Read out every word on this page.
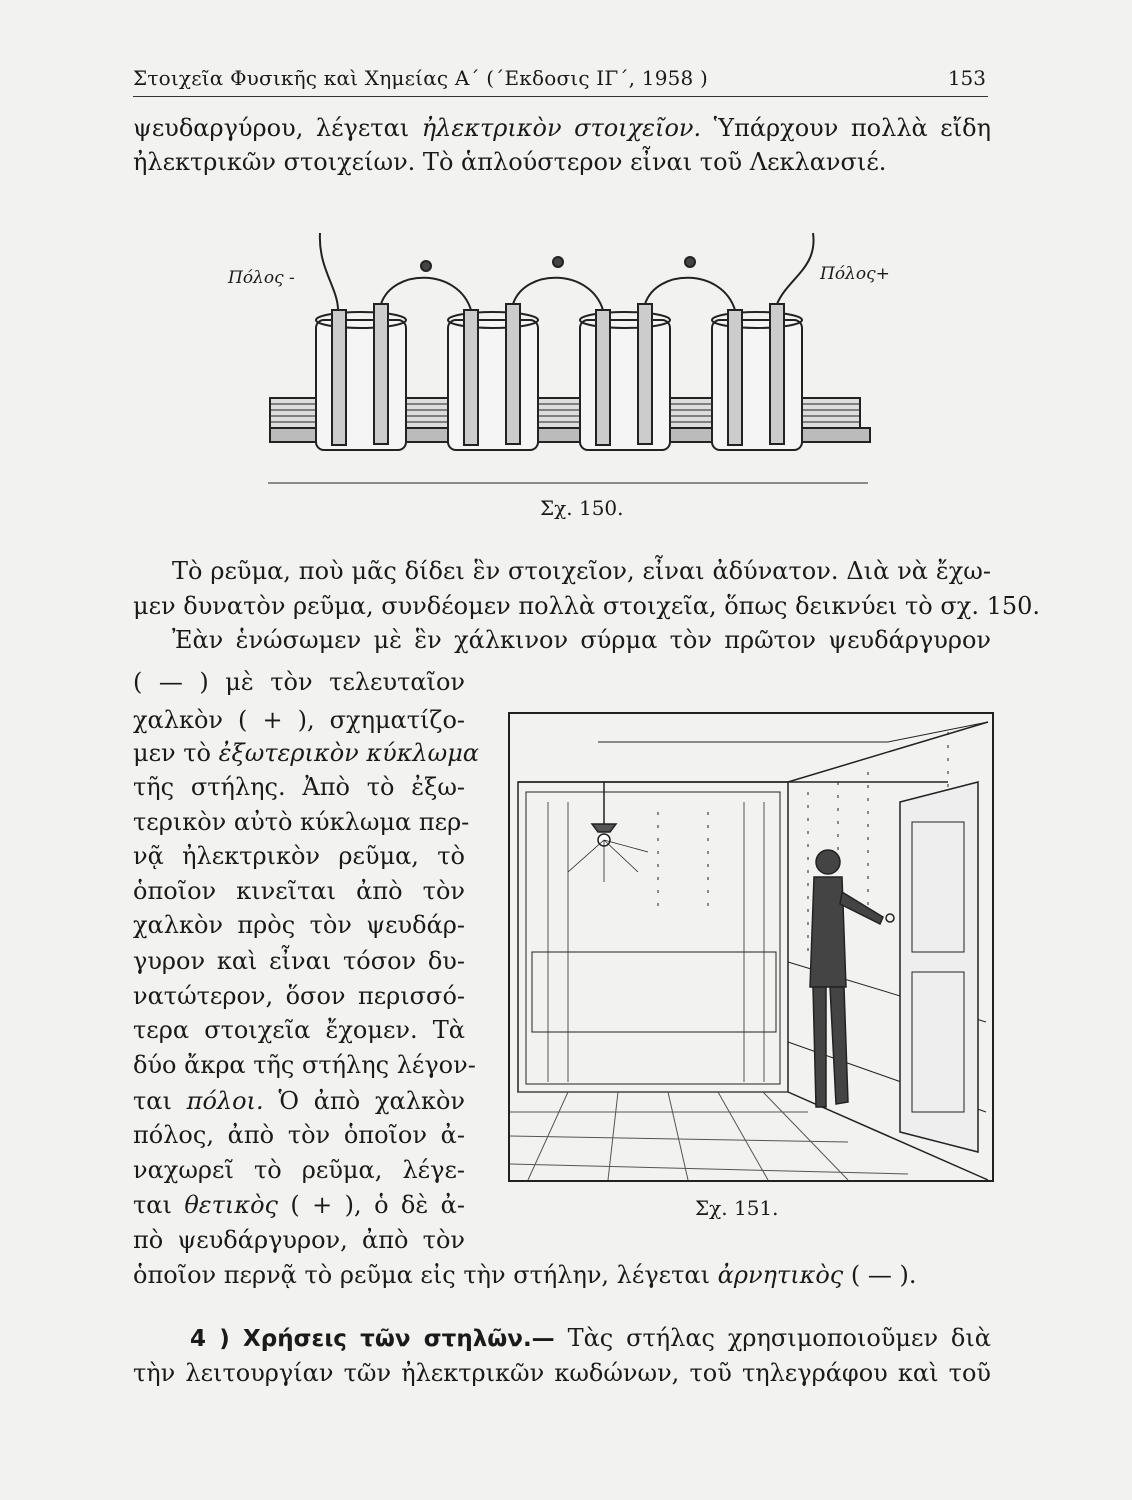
Στοιχεῖα Φυσικῆς καὶ Χημείας Α΄ (΄Εκδοσις ΙΓ΄, 1958 )	153
ψευδαργύρου, λέγεται ἠλεκτρικὸν στοιχεῖον. Ὑπάρχουν πολλὰ εἴδη
ἠλεκτρικῶν στοιχείων. Τὸ ἁπλούστερον εἶναι τοῦ Λεκλανσιέ.
Πόλος -	Πόλος+
Σχ. 150.
Τὸ ρεῦμα, ποὺ μᾶς δίδει ἓν στοιχεῖον, εἶναι ἀδύνατον. Διὰ νὰ ἔχω-
μεν δυνατὸν ρεῦμα, συνδέομεν πολλὰ στοιχεῖα, ὅπως δεικνύει τὸ σχ. 150.
Ἐὰν ἑνώσωμεν μὲ ἓν χάλκινον σύρμα τὸν πρῶτον ψευδάργυρον
( — ) μὲ τὸν τελευταῖον
χαλκὸν ( + ), σχηματίζο-
μεν τὸ ἐξωτερικὸν κύκλωμα
τῆς στήλης. Ἀπὸ τὸ ἐξω-
τερικὸν αὐτὸ κύκλωμα περ-
νᾷ ἠλεκτρικὸν ρεῦμα, τὸ
ὁποῖον κινεῖται ἀπὸ τὸν
χαλκὸν πρὸς τὸν ψευδάρ-
γυρον καὶ εἶναι τόσον δυ-
νατώτερον, ὅσον περισσό-
τερα στοιχεῖα ἔχομεν. Τὰ
δύο ἄκρα τῆς στήλης λέγον-
ται πόλοι. Ὁ ἀπὸ χαλκὸν
πόλος, ἀπὸ τὸν ὁποῖον ἀ-
ναχωρεῖ τὸ ρεῦμα, λέγε-
ται θετικὸς ( + ), ὁ δὲ ἀ-
πὸ ψευδάργυρον, ἀπὸ τὸν
ὁποῖον περνᾷ τὸ ρεῦμα εἰς τὴν στήλην, λέγεται ἀρνητικὸς ( — ).
Σχ. 151.
4 ) Χρήσεις τῶν στηλῶν.— Τὰς στήλας χρησιμοποιοῦμεν διὰ
τὴν λειτουργίαν τῶν ἠλεκτρικῶν κωδώνων, τοῦ τηλεγράφου καὶ τοῦ
